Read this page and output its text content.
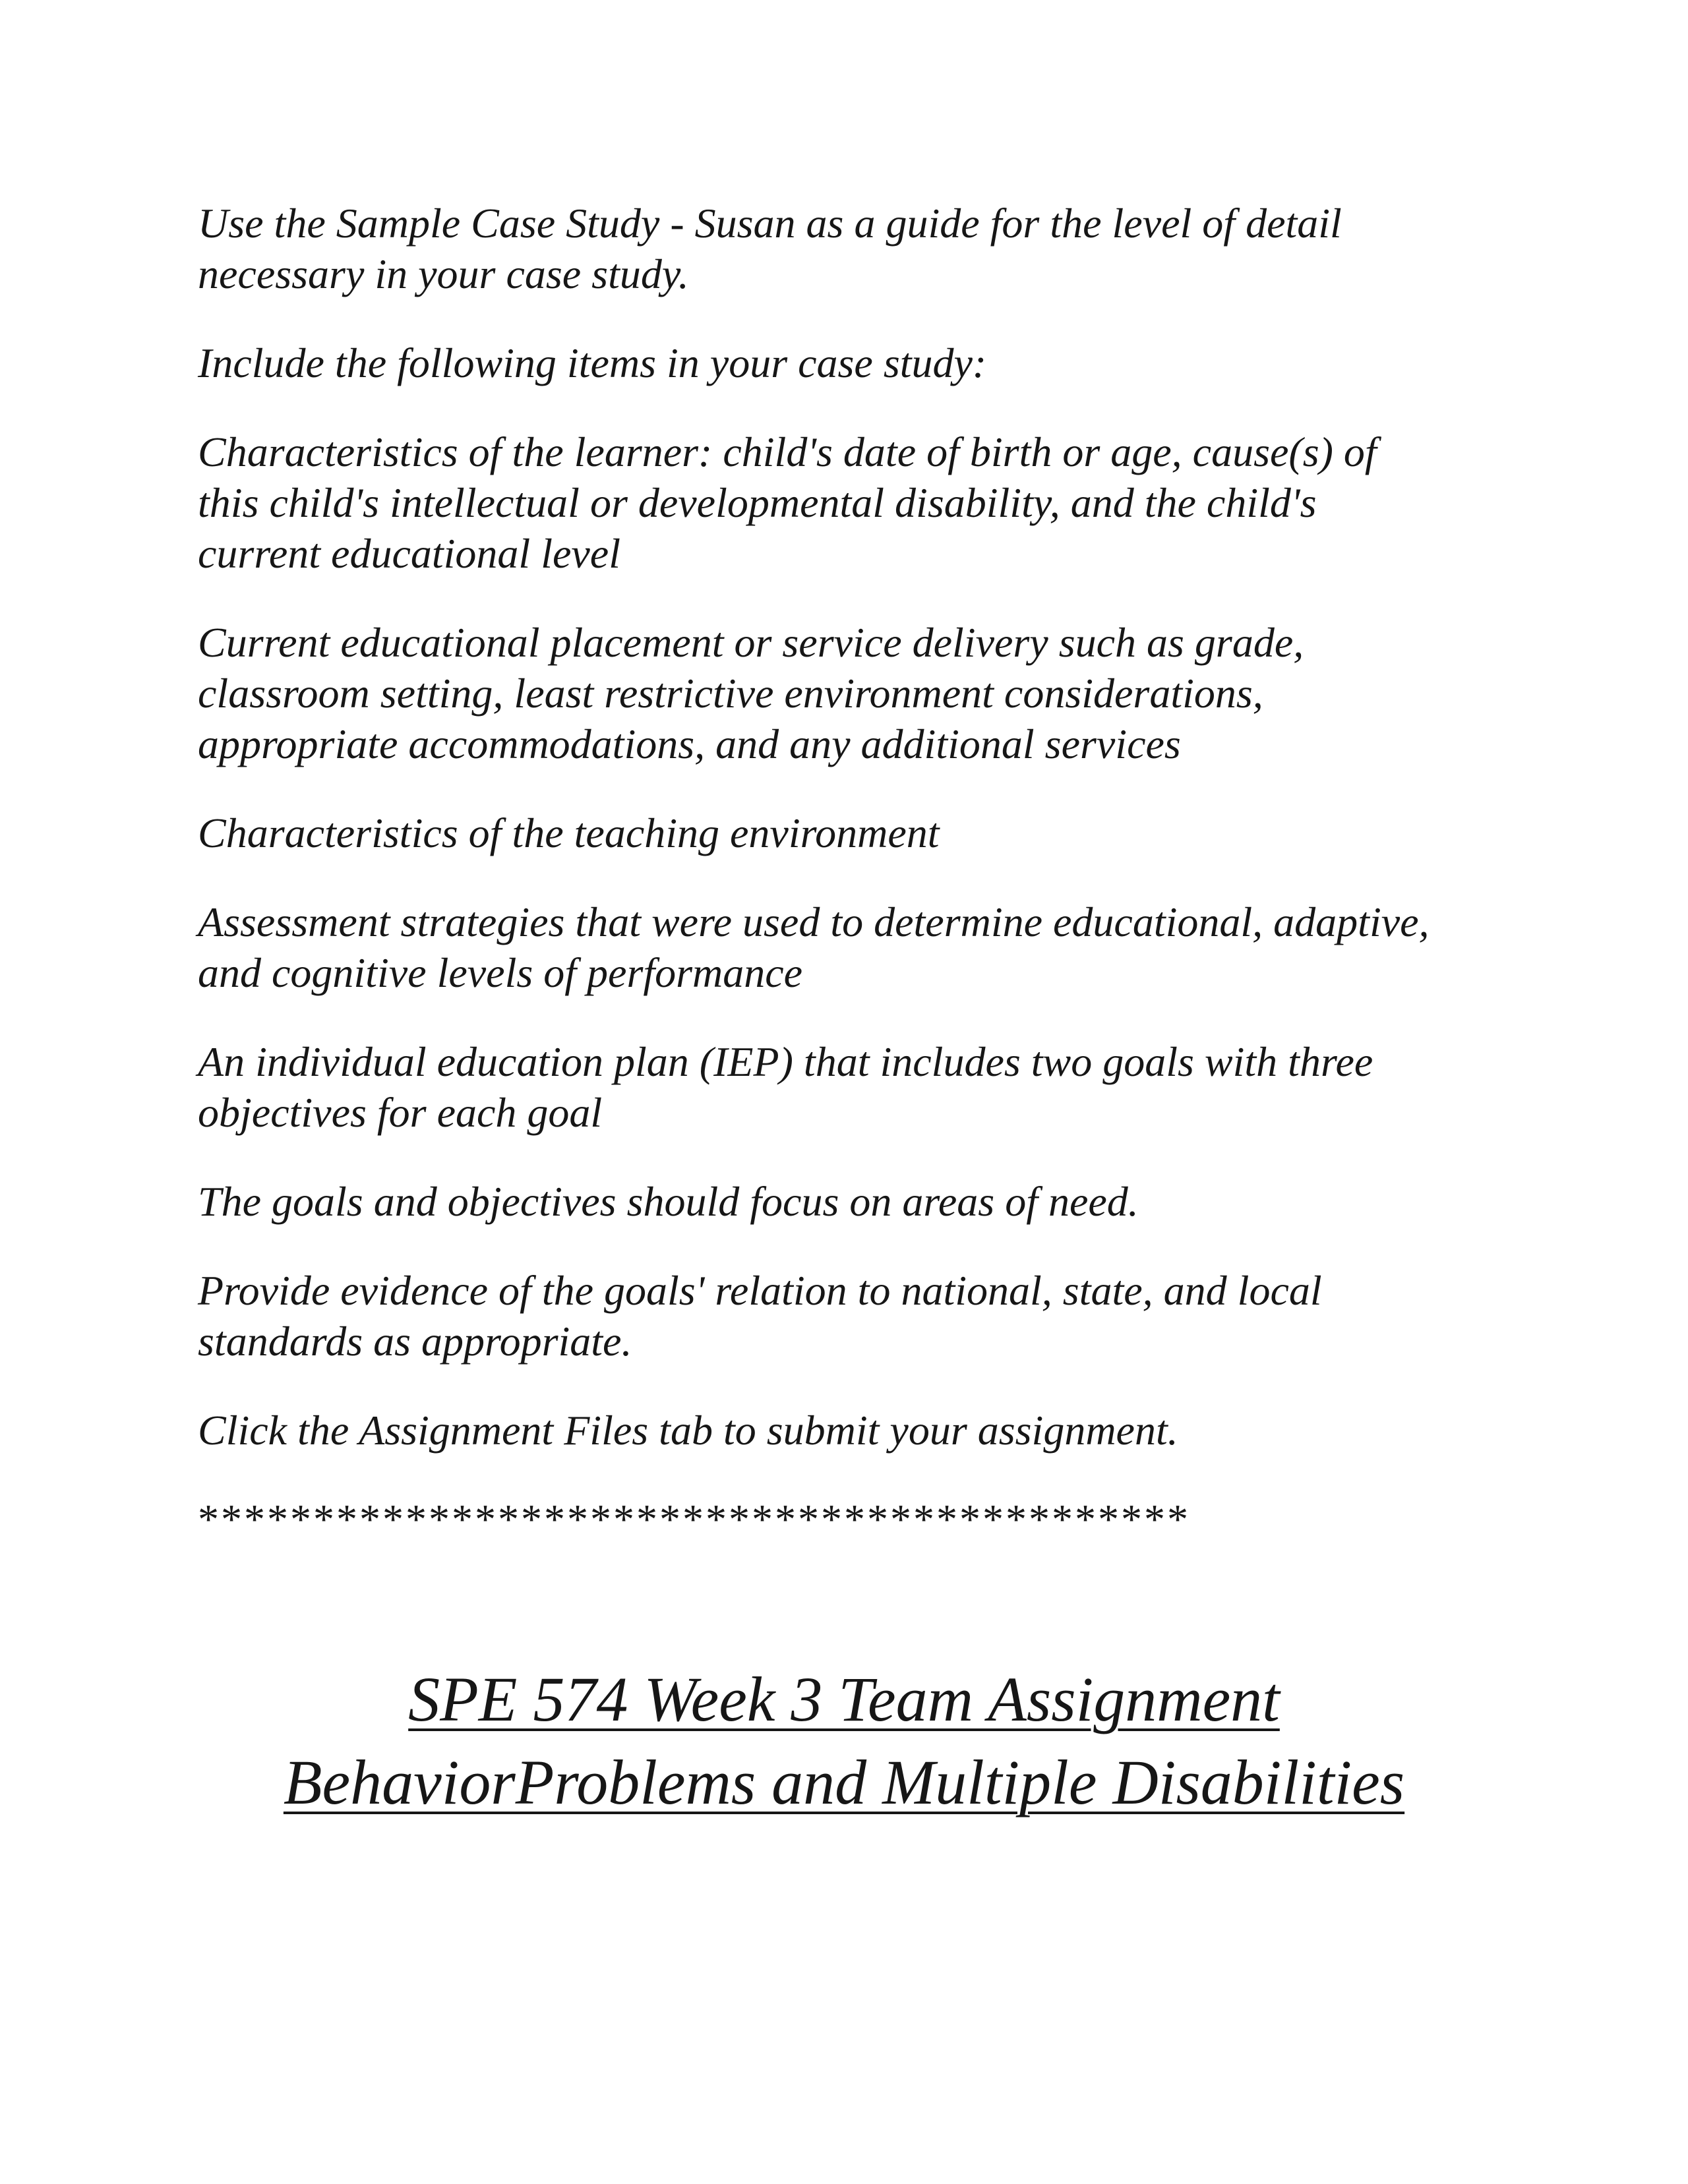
Use the Sample Case Study - Susan as a guide for the level of detail
necessary in your case study.

Include the following items in your case study:

Characteristics of the learner: child's date of birth or age, cause(s) of
this child's intellectual or developmental disability, and the child's
current educational level

Current educational placement or service delivery such as grade,
classroom setting, least restrictive environment considerations,
appropriate accommodations, and any additional services

Characteristics of the teaching environment

Assessment strategies that were used to determine educational, adaptive,
and cognitive levels of performance

An individual education plan (IEP) that includes two goals with three
objectives for each goal

The goals and objectives should focus on areas of need.

Provide evidence of the goals' relation to national, state, and local
standards as appropriate.

Click the Assignment Files tab to submit your assignment.

*******************************************

SPE 574 Week 3 Team Assignment
BehaviorProblems and Multiple Disabilities
